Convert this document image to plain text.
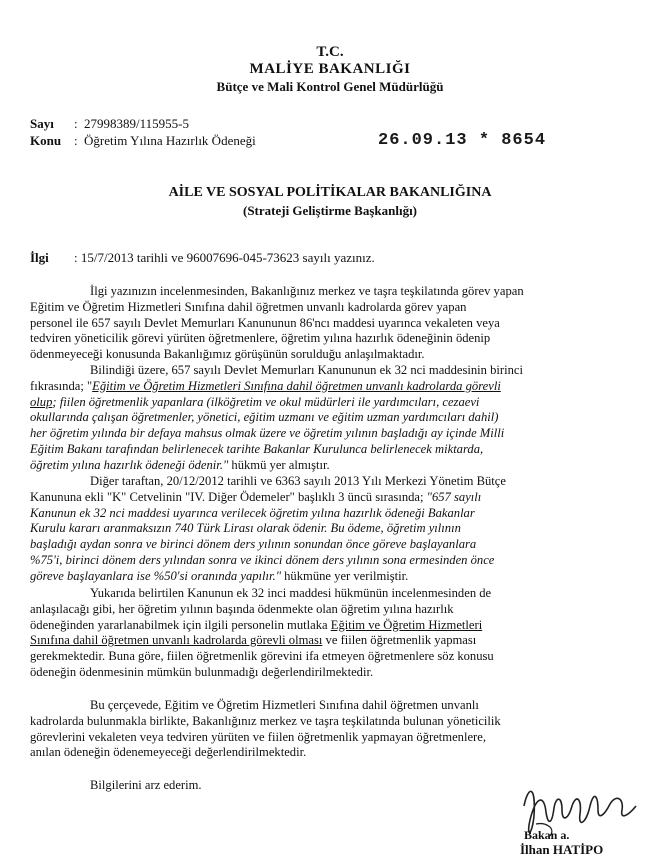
T.C.
MALİYE BAKANLIĞI
Bütçe ve Mali Kontrol Genel Müdürlüğü
Sayı : 27998389/115955-5
Konu : Öğretim Yılına Hazırlık Ödeneği	26.09.13 * 8654
AİLE VE SOSYAL POLİTİKALAR BAKANLIĞINA
(Strateji Geliştirme Başkanlığı)
İlgi : 15/7/2013 tarihli ve 96007696-045-73623 sayılı yazınız.
İlgi yazınızın incelenmesinden, Bakanlığınız merkez ve taşra teşkilatında görev yapan
Eğitim ve Öğretim Hizmetleri Sınıfına dahil öğretmen unvanlı kadrolarda görev yapan
personel ile 657 sayılı Devlet Memurları Kanununun 86'ncı maddesi uyarınca vekaleten veya
tedviren yöneticilik görevi yürüten öğretmenlere, öğretim yılına hazırlık ödeneğinin ödenip
ödenmeyeceği konusunda Bakanlığımız görüşünün sorulduğu anlaşılmaktadır.
Bilindiği üzere, 657 sayılı Devlet Memurları Kanununun ek 32 nci maddesinin birinci
fıkrasında; "Eğitim ve Öğretim Hizmetleri Sınıfına dahil öğretmen unvanlı kadrolarda görevli
olup; fiilen öğretmenlik yapanlara (ilköğretim ve okul müdürleri ile yardımcıları, cezaevi
okullarında çalışan öğretmenler, yönetici, eğitim uzmanı ve eğitim uzman yardımcıları dahil)
her öğretim yılında bir defaya mahsus olmak üzere ve öğretim yılının başladığı ay içinde Milli
Eğitim Bakanı tarafından belirlenecek tarihte Bakanlar Kurulunca belirlenecek miktarda,
öğretim yılına hazırlık ödeneği ödenir." hükmü yer almıştır.
Diğer taraftan, 20/12/2012 tarihli ve 6363 sayılı 2013 Yılı Merkezi Yönetim Bütçe
Kanununa ekli "K" Cetvelinin "IV. Diğer Ödemeler" başlıklı 3 üncü sırasında; "657 sayılı
Kanunun ek 32 nci maddesi uyarınca verilecek öğretim yılına hazırlık ödeneği Bakanlar
Kurulu kararı aranmaksızın 740 Türk Lirası olarak ödenir. Bu ödeme, öğretim yılının
başladığı aydan sonra ve birinci dönem ders yılının sonundan önce göreve başlayanlara
%75'i, birinci dönem ders yılından sonra ve ikinci dönem ders yılının sona ermesinden önce
göreve başlayanlara ise %50'si oranında yapılır." hükmüne yer verilmiştir.
Yukarıda belirtilen Kanunun ek 32 inci maddesi hükmünün incelenmesinden de
anlaşılacağı gibi, her öğretim yılının başında ödenmekte olan öğretim yılına hazırlık
ödeneğinden yararlanabilmek için ilgili personelin mutlaka Eğitim ve Öğretim Hizmetleri
Sınıfına dahil öğretmen unvanlı kadrolarda görevli olması ve fiilen öğretmenlik yapması
gerekmektedir. Buna göre, fiilen öğretmenlik görevini ifa etmeyen öğretmenlere söz konusu
ödeneğin ödenmesinin mümkün bulunmadığı değerlendirilmektedir.
Bu çerçevede, Eğitim ve Öğretim Hizmetleri Sınıfına dahil öğretmen unvanlı
kadrolarda bulunmakla birlikte, Bakanlığınız merkez ve taşra teşkilatında bulunan yöneticilik
görevlerini vekaleten veya tedviren yürüten ve fiilen öğretmenlik yapmayan öğretmenlere,
anılan ödeneğin ödenemeyeceği değerlendirilmektedir.
Bilgilerini arz ederim.
Bakan a.
İlhan HATİPO
